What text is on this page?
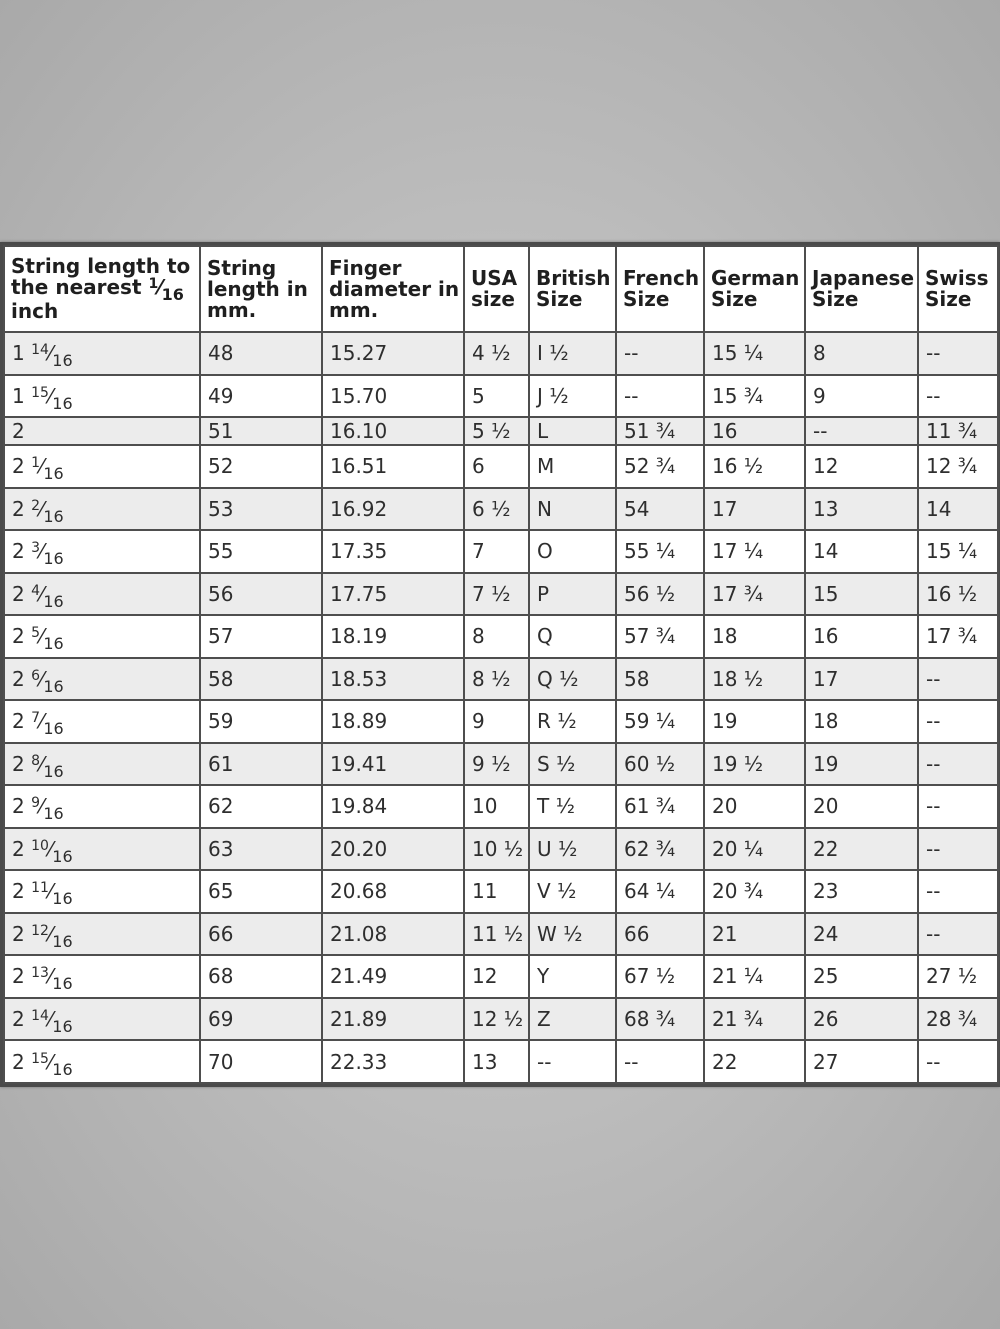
String length to the nearest $^1⁄_{16}$ inch	String length in mm.	Finger diameter in mm.	USA size	British Size	French Size	German Size	Japanese Size	Swiss Size
1 $^{14}⁄_{16}$	48	15.27	4 ½	I ½	--	15 ¼	8	--
1 $^{15}⁄_{16}$	49	15.70	5	J ½	--	15 ¾	9	--
2	51	16.10	5 ½	L	51 ¾	16	--	11 ¾
2 $^1⁄_{16}$	52	16.51	6	M	52 ¾	16 ½	12	12 ¾
2 $^2⁄_{16}$	53	16.92	6 ½	N	54	17	13	14
2 $^3⁄_{16}$	55	17.35	7	O	55 ¼	17 ¼	14	15 ¼
2 $^4⁄_{16}$	56	17.75	7 ½	P	56 ½	17 ¾	15	16 ½
2 $^5⁄_{16}$	57	18.19	8	Q	57 ¾	18	16	17 ¾
2 $^6⁄_{16}$	58	18.53	8 ½	Q ½	58	18 ½	17	--
2 $^7⁄_{16}$	59	18.89	9	R ½	59 ¼	19	18	--
2 $^8⁄_{16}$	61	19.41	9 ½	S ½	60 ½	19 ½	19	--
2 $^9⁄_{16}$	62	19.84	10	T ½	61 ¾	20	20	--
2 $^{10}⁄_{16}$	63	20.20	10 ½	U ½	62 ¾	20 ¼	22	--
2 $^{11}⁄_{16}$	65	20.68	11	V ½	64 ¼	20 ¾	23	--
2 $^{12}⁄_{16}$	66	21.08	11 ½	W ½	66	21	24	--
2 $^{13}⁄_{16}$	68	21.49	12	Y	67 ½	21 ¼	25	27 ½
2 $^{14}⁄_{16}$	69	21.89	12 ½	Z	68 ¾	21 ¾	26	28 ¾
2 $^{15}⁄_{16}$	70	22.33	13	--	--	22	27	--
